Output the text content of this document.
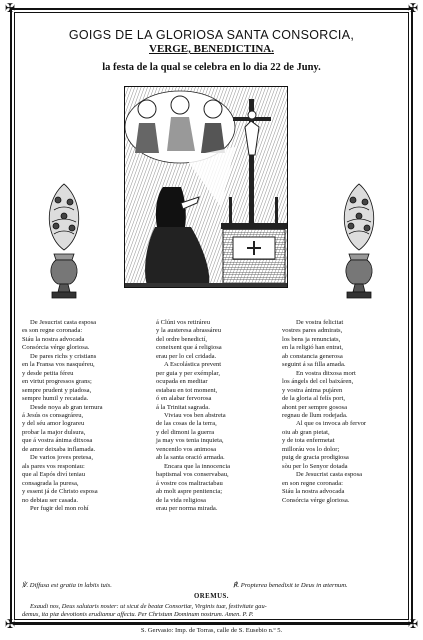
✠	✠
✠	✠
GOIGS DE LA GLORIOSA SANTA CONSORCIA,
VERGE, BENEDICTINA.
la festa de la qual se celebra en lo dia 22 de Juny.
De Jesucrist casta esposa
es son regne coronada:
Siáu la nostra advocada
Consórcia vérge gloriosa.
De pares richs y cristians
en la Fransa vos nasquéreu,
y desde petita féreu
en virtut progressos grans;
sempre prudent y piadosa,
sempre humil y recatada.
Desde noya ab gran ternura
á Jesús os consagráreu,
y del séu amor lograreu
probar la major dulsura,
que á vostra ánima ditxosa
de amor deixaba inflamada.
De varios joves pretesa,
als pares vos responiau:
que al Espós diví teniau
consagrada la puresa,
y essent já de Christo esposa
no debiau ser casada.
Per fugir del mon rohí
á Clúni vos retiráreu
y la austeresa abrassáreu
del ordre benedictí,
coneixent que á religiosa
erau per lo cel cridada.
A Escolástica prevent
per guia y per exémplar,
ocupada en meditar
estabau en tot moment,
ó en alabar fervorosa
á la Trinitat sagrada.
Viviau vos ben abstreta
de las cosas de la terra,
y del dimoni la guerra
ja may vos tenia inquieta,
vencentlo vos animosa
ab la santa oració armada.
Encara que la innocencia
baptismal vos conservabau,
á vostre cos maltractabau
ab molt aspre penitencia;
de la vida religiosa
erau per norma mirada.
De vostra felicitat
vostres pares admirats,
los bens ja renunciats,
en la religió han entrat,
ab constancia generosa
seguint á sa filla amada.
En vostra ditxosa mort
los ángels del cel baixáren,
y vostra ánima pujáren
de la gloria al felís port,
ahont per sempre gososa
regnau de llum rodejada.
Al que os invoca ab fervor
oiu ab gran pietat,
y de tota enfermetat
milloráu vos lo dolor;
puig de gracia prodigiosa
sòu per lo Senyor dotada
De Jesucrist casta esposa
en son regne coronada:
Siáu la nostra advocada
Consórcia vérge gloriosa.
℣. Diffusa est gratia in labiis tuis.	℟. Propterea benedixit te Deus in æternum.
OREMUS.
Exaudi nos, Deus salutaris noster: ut sicut de beatæ Consortiæ, Virginis tuæ, festivitate gau-
demus, ita piæ devotionis erudiamur affectu. Per Christum Dominum nostrum. Amen. P. P.
S. Gervasio: Imp. de Torras, calle de S. Eusebio n.º 5.
